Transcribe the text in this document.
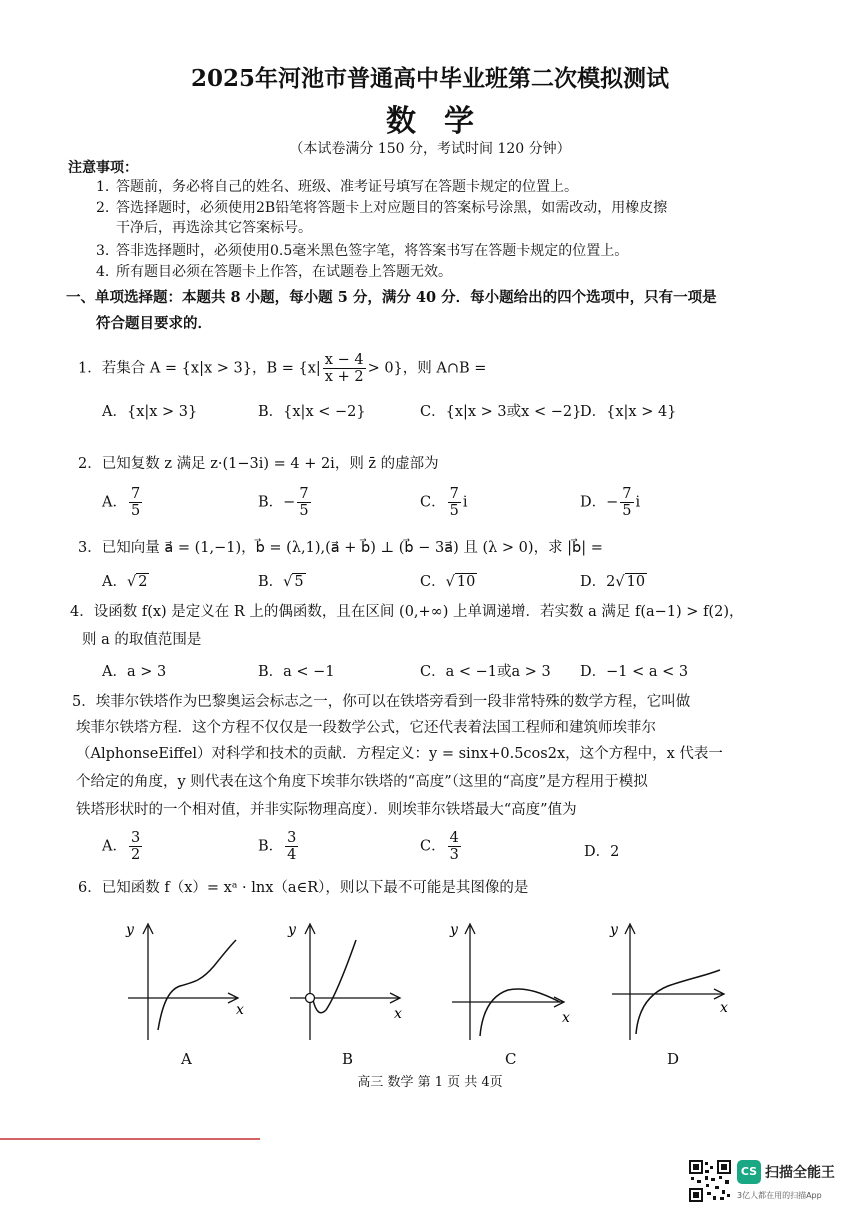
2025年河池市普通高中毕业班第二次模拟测试
数学
（本试卷满分 150 分，考试时间 120 分钟）
注意事项：
1. 答题前，务必将自己的姓名、班级、准考证号填写在答题卡规定的位置上。
2. 答选择题时，必须使用2B铅笔将答题卡上对应题目的答案标号涂黑，如需改动，用橡皮擦
干净后，再选涂其它答案标号。
3. 答非选择题时，必须使用0.5毫米黑色签字笔，将答案书写在答题卡规定的位置上。
4. 所有题目必须在答题卡上作答，在试题卷上答题无效。
一、单项选择题：本题共 8 小题，每小题 5 分，满分 40 分．每小题给出的四个选项中，只有一项是
符合题目要求的．
1．若集合 A = {x|x > 3}，$B = \{x| \frac{x - 4}{x + 2} > 0\}$，则 A∩B =
A．{x|x > 3}	B．{x|x < −2}	C．{x|x > 3或x < −2}
D．{x|x > 4}
2．已知复数 z 满足 z·(1−3i) = 4 + 2i，则 z̄ 的虚部为
A． $\frac{7}{5}$	B．− $\frac{7}{5}$	C． $\frac{7}{5}$ i	D．− $\frac{7}{5}$ i
3．已知向量 a⃗ = (1,−1)，b⃗ = (λ,1),(a⃗ + b⃗) ⊥ (b⃗ − 3a⃗) 且 (λ > 0)，求 |b⃗| =
A．√ 2	B．√ 5	C．√ 10	D．2√ 10
4．设函数 f(x) 是定义在 R 上的偶函数，且在区间 (0,+∞) 上单调递增．若实数 a 满足 f(a−1) > f(2)，
则 a 的取值范围是
A．a > 3	B．a < −1	C．a < −1或a > 3 D．−1 < a < 3
5．埃菲尔铁塔作为巴黎奥运会标志之一，你可以在铁塔旁看到一段非常特殊的数学方程，它叫做
埃菲尔铁塔方程．这个方程不仅仅是一段数学公式，它还代表着法国工程师和建筑师埃菲尔
（AlphonseEiffel）对科学和技术的贡献．方程定义：y = sinx+0.5cos2x，这个方程中，x 代表一
个给定的角度，y 则代表在这个角度下埃菲尔铁塔的“高度”（这里的“高度”是方程用于模拟
铁塔形状时的一个相对值，并非实际物理高度）．则埃菲尔铁塔最大“高度”值为
A． $\frac{3}{2}$	B． $\frac{3}{4}$	C． $\frac{4}{3}$	D．2
6．已知函数 f（x）= xᵃ · lnx（a∈R），则以下最不可能是其图像的是
y
x
y
x
y
x
y
x
A	B	C	D
高三 数学 第 1 页 共 4页
CS 扫描全能王
3亿人都在用的扫描App
